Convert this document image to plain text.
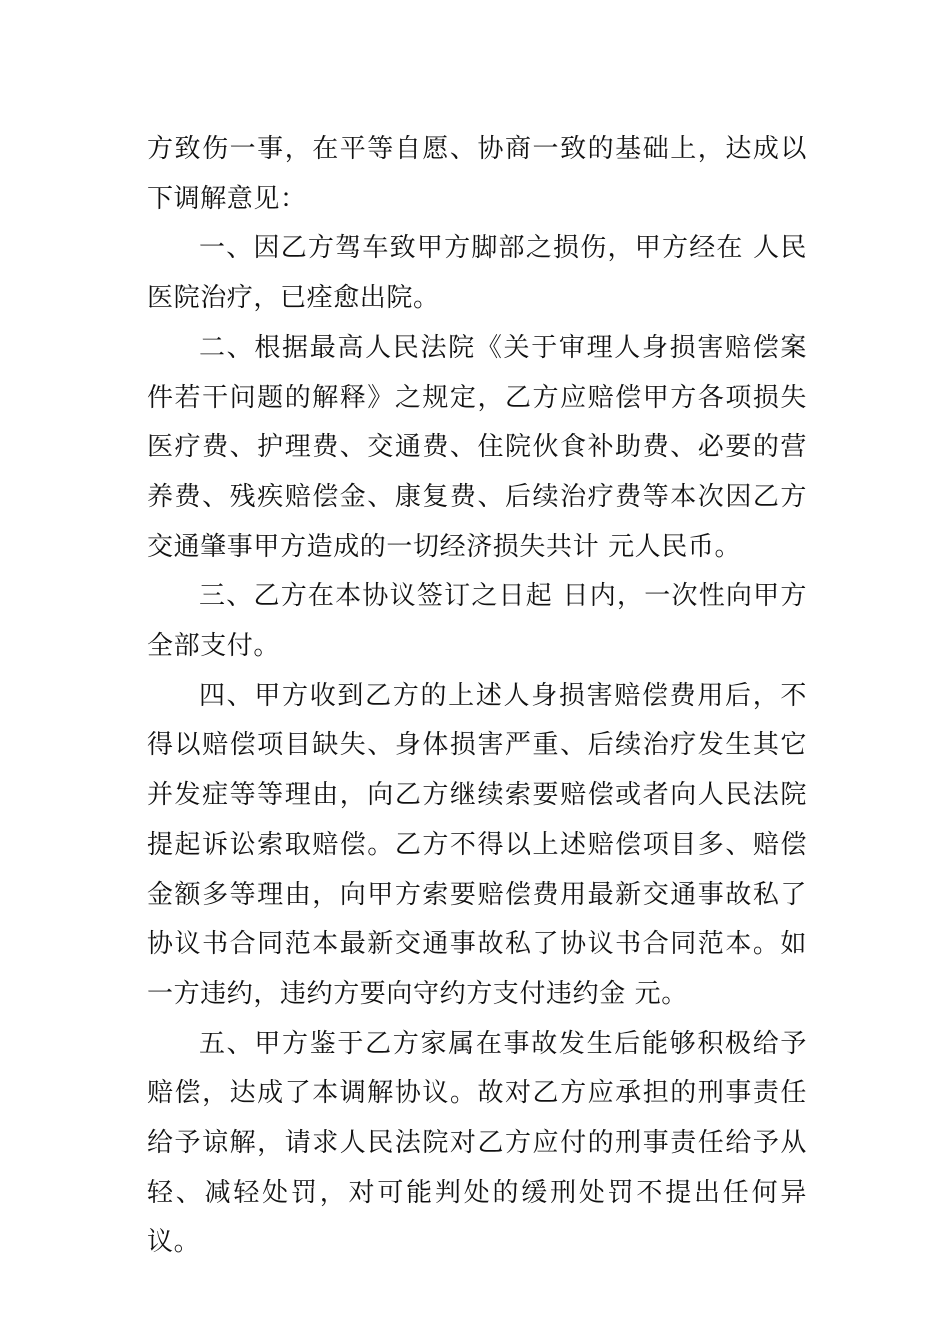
方致伤一事，在平等自愿、协商一致的基础上，达成以下调解意见：

一、因乙方驾车致甲方脚部之损伤，甲方经在 人民医院治疗，已痊愈出院。

二、根据最高人民法院《关于审理人身损害赔偿案件若干问题的解释》之规定，乙方应赔偿甲方各项损失医疗费、护理费、交通费、住院伙食补助费、必要的营养费、残疾赔偿金、康复费、后续治疗费等本次因乙方交通肇事甲方造成的一切经济损失共计 元人民币。

三、乙方在本协议签订之日起 日内，一次性向甲方全部支付。

四、甲方收到乙方的上述人身损害赔偿费用后，不得以赔偿项目缺失、身体损害严重、后续治疗发生其它并发症等等理由，向乙方继续索要赔偿或者向人民法院提起诉讼索取赔偿。乙方不得以上述赔偿项目多、赔偿金额多等理由，向甲方索要赔偿费用最新交通事故私了协议书合同范本最新交通事故私了协议书合同范本。如一方违约，违约方要向守约方支付违约金 元。

五、甲方鉴于乙方家属在事故发生后能够积极给予赔偿，达成了本调解协议。故对乙方应承担的刑事责任给予谅解，请求人民法院对乙方应付的刑事责任给予从轻、减轻处罚，对可能判处的缓刑处罚不提出任何异议。
